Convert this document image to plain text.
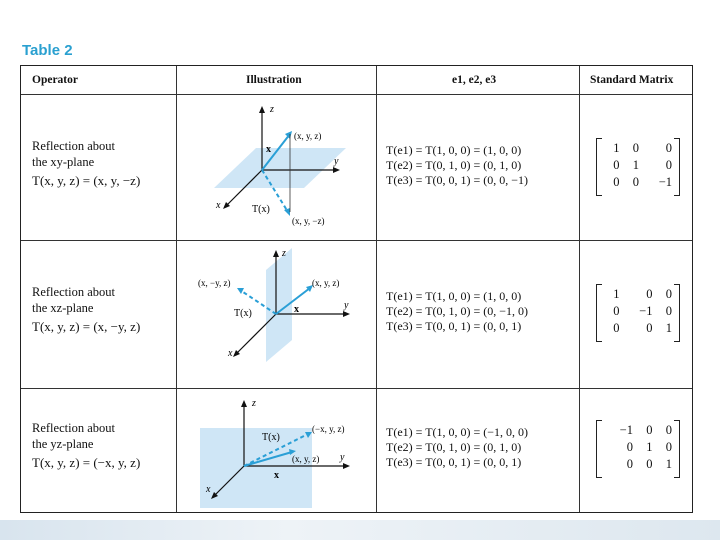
Table 2
Operator	Illustration	e1, e2, e3	Standard Matrix
Reflection about
the xy-plane
T(x, y, z) = (x, y, −z)
T(e1) = T(1, 0, 0) = (1, 0, 0)
T(e2) = T(0, 1, 0) = (0, 1, 0)
T(e3) = T(0, 0, 1) = (0, 0, −1)
1	0	0
0	1	0
0	0	−1
z
y
x
x
(x, y, z)
(x, y, −z)
T(x)
Reflection about
the xz-plane
T(x, y, z) = (x, −y, z)
T(e1) = T(1, 0, 0) = (1, 0, 0)
T(e2) = T(0, 1, 0) = (0, −1, 0)
T(e3) = T(0, 0, 1) = (0, 0, 1)
1	0	0
0	−1	0
0	0	1
z
y
x
x
(x, −y, z)	(x, y, z)
T(x)
Reflection about
the yz-plane
T(x, y, z) = (−x, y, z)
T(e1) = T(1, 0, 0) = (−1, 0, 0)
T(e2) = T(0, 1, 0) = (0, 1, 0)
T(e3) = T(0, 0, 1) = (0, 0, 1)
−1	0	0
0	1	0
0	0	1
z
y
x
x
(−x, y, z)
(x, y, z)
T(x)
